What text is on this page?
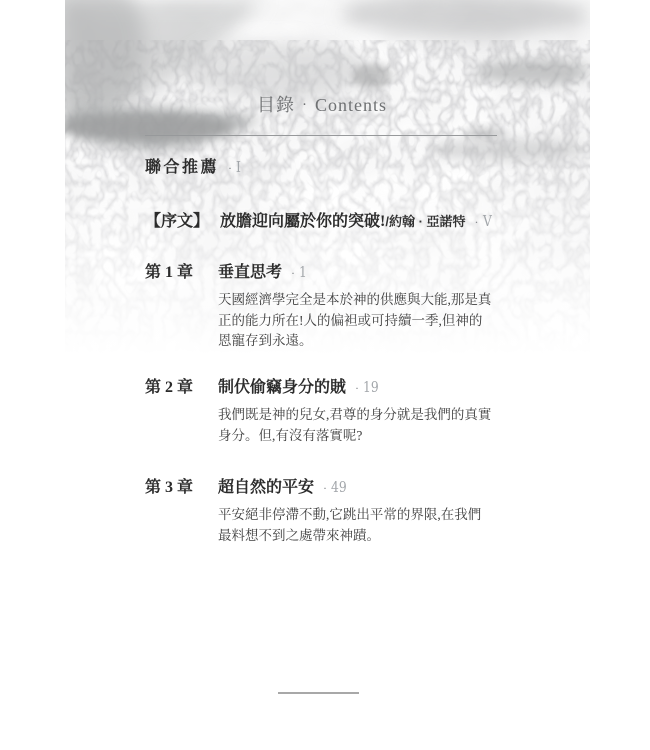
目錄 · Contents
聯合推薦 · I
【序文】 放膽迎向屬於你的突破!/約翰 · 亞諾特 · V
第 1 章	垂直思考 · 1
天國經濟學完全是本於神的供應與大能,那是真
正的能力所在!人的偏袒或可持續一季,但神的
恩寵存到永遠。
第 2 章	制伏偷竊身分的賊 · 19
我們既是神的兒女,君尊的身分就是我們的真實
身分。但,有沒有落實呢?
第 3 章	超自然的平安 · 49
平安絕非停滯不動,它跳出平常的界限,在我們
最料想不到之處帶來神蹟。
